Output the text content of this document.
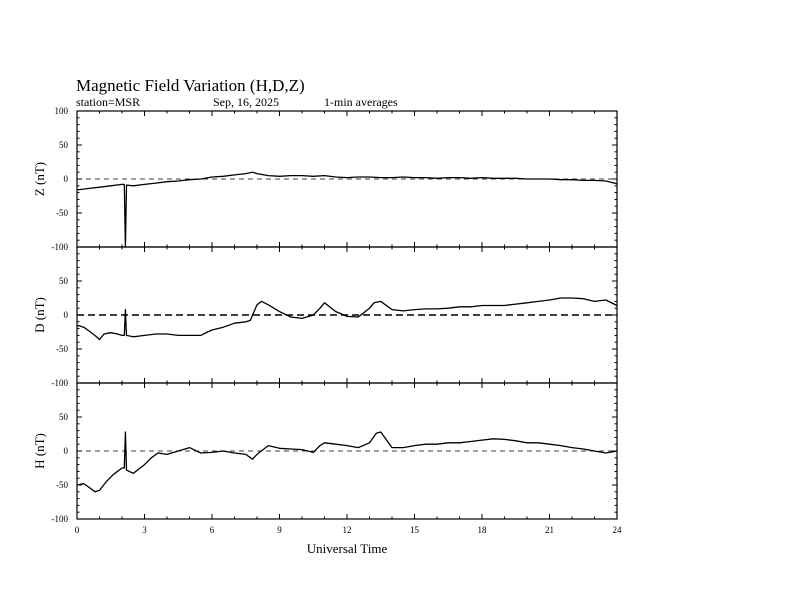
Magnetic Field Variation (H,D,Z)
station=MSR	Sep, 16, 2025	1-min averages
100
50
0
-50
-100
Z (nT)
50
0
-50
-100
D (nT)
50
0
-50
-100
H (nT)
0	3	6	9	12	15	18	21	24
Universal Time
